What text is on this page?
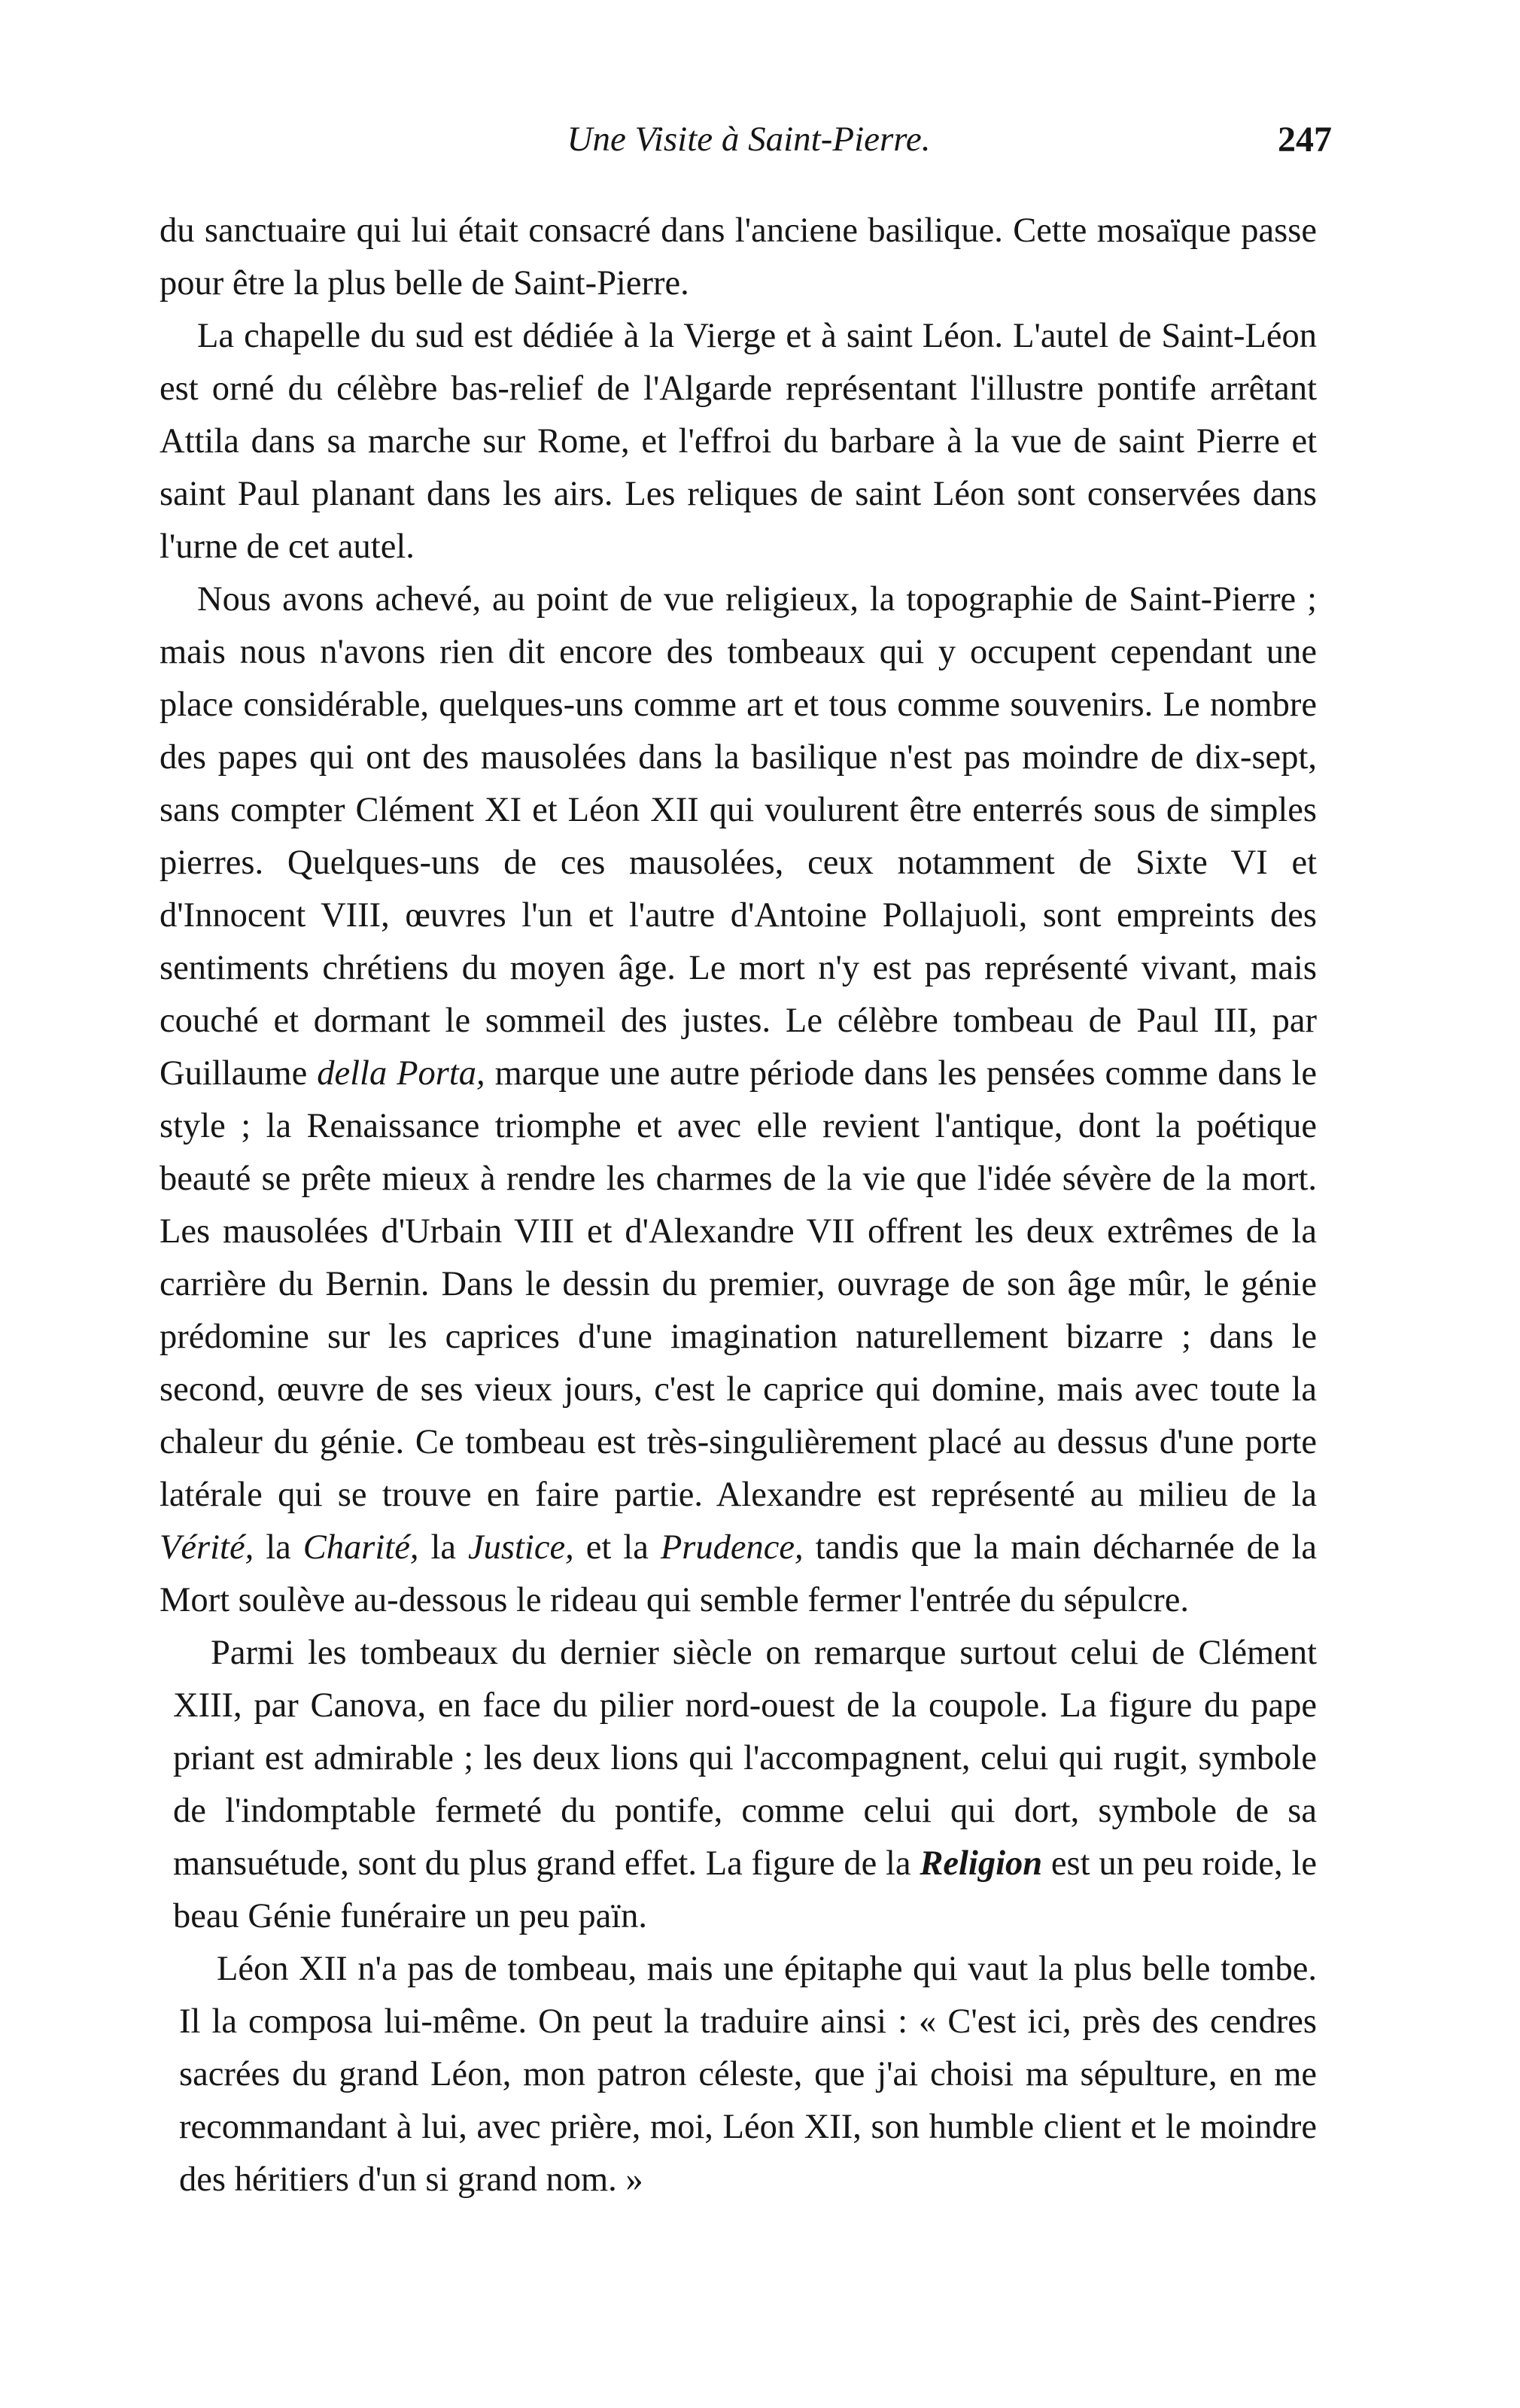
Une Visite à Saint-Pierre.	247

du sanctuaire qui lui était consacré dans l'anciene basilique. Cette mosaïque passe pour être la plus belle de Saint-Pierre.

La chapelle du sud est dédiée à la Vierge et à saint Léon. L'autel de Saint-Léon est orné du célèbre bas-relief de l'Algarde représentant l'illustre pontife arrêtant Attila dans sa marche sur Rome, et l'effroi du barbare à la vue de saint Pierre et saint Paul planant dans les airs. Les reliques de saint Léon sont conservées dans l'urne de cet autel.

Nous avons achevé, au point de vue religieux, la topographie de Saint-Pierre ; mais nous n'avons rien dit encore des tombeaux qui y occupent cependant une place considérable, quelques-uns comme art et tous comme souvenirs. Le nombre des papes qui ont des mausolées dans la basilique n'est pas moindre de dix-sept, sans compter Clément XI et Léon XII qui voulurent être enterrés sous de simples pierres. Quelques-uns de ces mausolées, ceux notamment de Sixte VI et d'Innocent VIII, œuvres l'un et l'autre d'Antoine Pollajuoli, sont empreints des sentiments chrétiens du moyen âge. Le mort n'y est pas représenté vivant, mais couché et dormant le sommeil des justes. Le célèbre tombeau de Paul III, par Guillaume della Porta, marque une autre période dans les pensées comme dans le style ; la Renaissance triomphe et avec elle revient l'antique, dont la poétique beauté se prête mieux à rendre les charmes de la vie que l'idée sévère de la mort. Les mausolées d'Urbain VIII et d'Alexandre VII offrent les deux extrêmes de la carrière du Bernin. Dans le dessin du premier, ouvrage de son âge mûr, le génie prédomine sur les caprices d'une imagination naturellement bizarre ; dans le second, œuvre de ses vieux jours, c'est le caprice qui domine, mais avec toute la chaleur du génie. Ce tombeau est très-singulièrement placé au dessus d'une porte latérale qui se trouve en faire partie. Alexandre est représenté au milieu de la Vérité, la Charité, la Justice, et la Prudence, tandis que la main décharnée de la Mort soulève au-dessous le rideau qui semble fermer l'entrée du sépulcre.

Parmi les tombeaux du dernier siècle on remarque surtout celui de Clément XIII, par Canova, en face du pilier nord-ouest de la coupole. La figure du pape priant est admirable ; les deux lions qui l'accompagnent, celui qui rugit, symbole de l'indomptable fermeté du pontife, comme celui qui dort, symbole de sa mansuétude, sont du plus grand effet. La figure de la Religion est un peu roide, le beau Génie funéraire un peu païn.

Léon XII n'a pas de tombeau, mais une épitaphe qui vaut la plus belle tombe. Il la composa lui-même. On peut la traduire ainsi : « C'est ici, près des cendres sacrées du grand Léon, mon patron céleste, que j'ai choisi ma sépulture, en me recommandant à lui, avec prière, moi, Léon XII, son humble client et le moindre des héritiers d'un si grand nom. »
